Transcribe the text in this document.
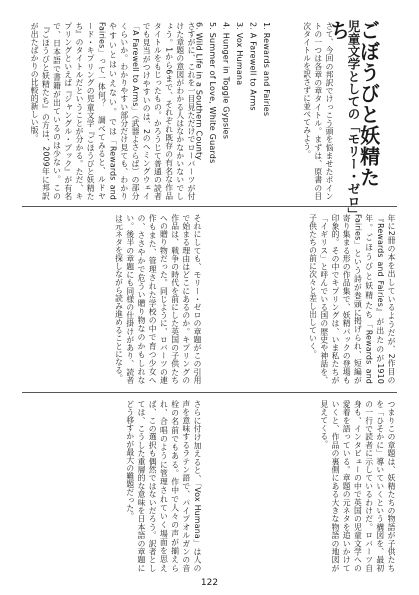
ごぼうびと妖精たち
児童文学としての「モリー・ゼロ」
さて、今回の邦訳でけっこう頭を悩ませたポイントの一つは各章の章タイトル。まずは、原書の目次タイトルを訳さずに並べてみよう。
1. Rewards and Fairies
2. A Farewell to Arms
3. Vox Humana
4. Hunger in Toggle Gypsies
5. Summer of Love, White Guards
6. Wild Life in a Southern County
さすがに、これを一目見ただけでローバーツが付けた章題の意図がわかる人はなかなかいないでしょう。1から6まで、それぞれ既存の有名な作品タイトルをもじったもの。かろうじて普通の読者でも見当がつけやすいのは、2のヘミングウェイ「A Farewell to Arms」（武器よさらば）の部分くらいか。わかりやすい部分だけ見ても、わかりやすいとはいえない。では「Rewards and Fairies」って一体何？　調べてみると、ルドヤード・キプリングの児童文学『ごほうびと妖精たち』のタイトルだということが分かる。ただ、キプリングといえば『ジャングル・ブック』が有名で、日本語で書籍が出ているのは少ない。この『ごほうびと妖精たち』の方は、2009年に邦訳が出たばかりの比較的新しい版。
年に2冊の本を出しているようだが、2作目の『Rewards and Fairies』が出たのが1910年。ごほうびと妖精たち「Rewards and Fairies」という詩が巻頭に掲げられ、短編が寄り集まる形の作品集で、妖精パックの登場も印象的。その中でキプリングは、いま私たちが「イギリス」と呼んでいる国の歴史や神話を、子供たちの前に次々と差し出していく。
それにしても、モリー・ゼロの章題がこの引用で始まる理由はどこにあるのか。キプリングの作品は、戦争の時代を前にした英国の子供たちへの贈り物だった。同じように、ロバーツの連作もまた、管理された学校の中で育つ少女への、ささやかで危うい贈り物なのかもしれない。後半の章題にも同様の仕掛けがあり、読者は元ネタを探しながら読み進めることになる。
つまりこの章題は、妖精たちの物語が子供たちを「ひそかに」導いていくという構図を、最初の一行で読者に示しているわけだ。ロバーツ自身も、インタビューの中で英国の児童文学への愛着を語っている。章題の元ネタを追いかけていくと、作品の裏側にある大きな物語の地図が見えてくる。
さらに付け加えると、「Vox Humana」は人の声を意味するラテン語で、パイプオルガンの音栓の名前でもある。作中で人々の声が揃えられ、合唱のように管理されていく場面を思えば、この選択も偶然ではないだろう。訳者としては、こうした重層的な意味を日本語の章題にどう移すかが最大の難題だった。
122
